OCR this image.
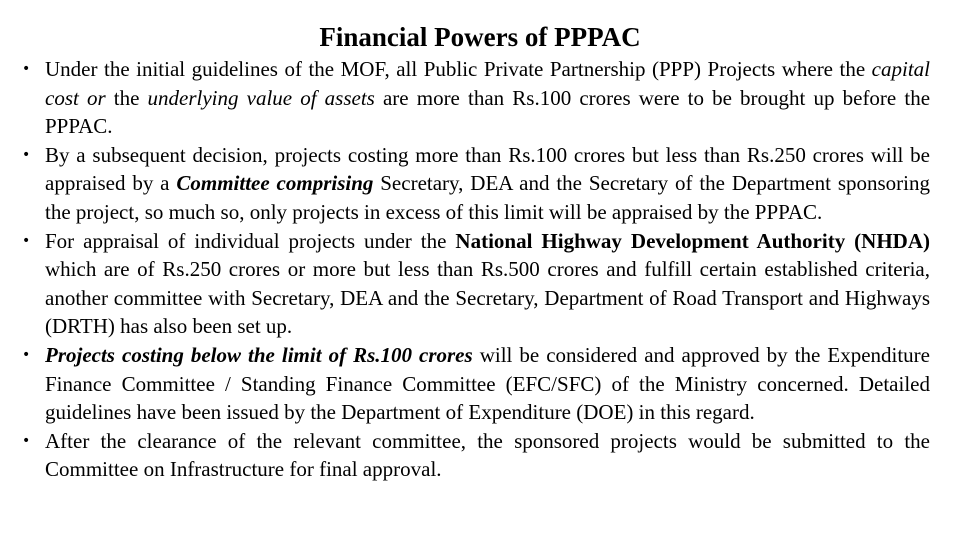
Financial Powers of PPPAC
• Under the initial guidelines of the MOF, all Public Private Partnership (PPP) Projects where the capital cost or the underlying value of assets are more than Rs.100 crores were to be brought up before the PPPAC.
• By a subsequent decision, projects costing more than Rs.100 crores but less than Rs.250 crores will be appraised by a Committee comprising Secretary, DEA and the Secretary of the Department sponsoring the project, so much so, only projects in excess of this limit will be appraised by the PPPAC.
• For appraisal of individual projects under the National Highway Development Authority (NHDA) which are of Rs.250 crores or more but less than Rs.500 crores and fulfill certain established criteria, another committee with Secretary, DEA and the Secretary, Department of Road Transport and Highways (DRTH) has also been set up.
• Projects costing below the limit of Rs.100 crores will be considered and approved by the Expenditure Finance Committee / Standing Finance Committee (EFC/SFC) of the Ministry concerned. Detailed guidelines have been issued by the Department of Expenditure (DOE) in this regard.
• After the clearance of the relevant committee, the sponsored projects would be submitted to the Committee on Infrastructure for final approval.
